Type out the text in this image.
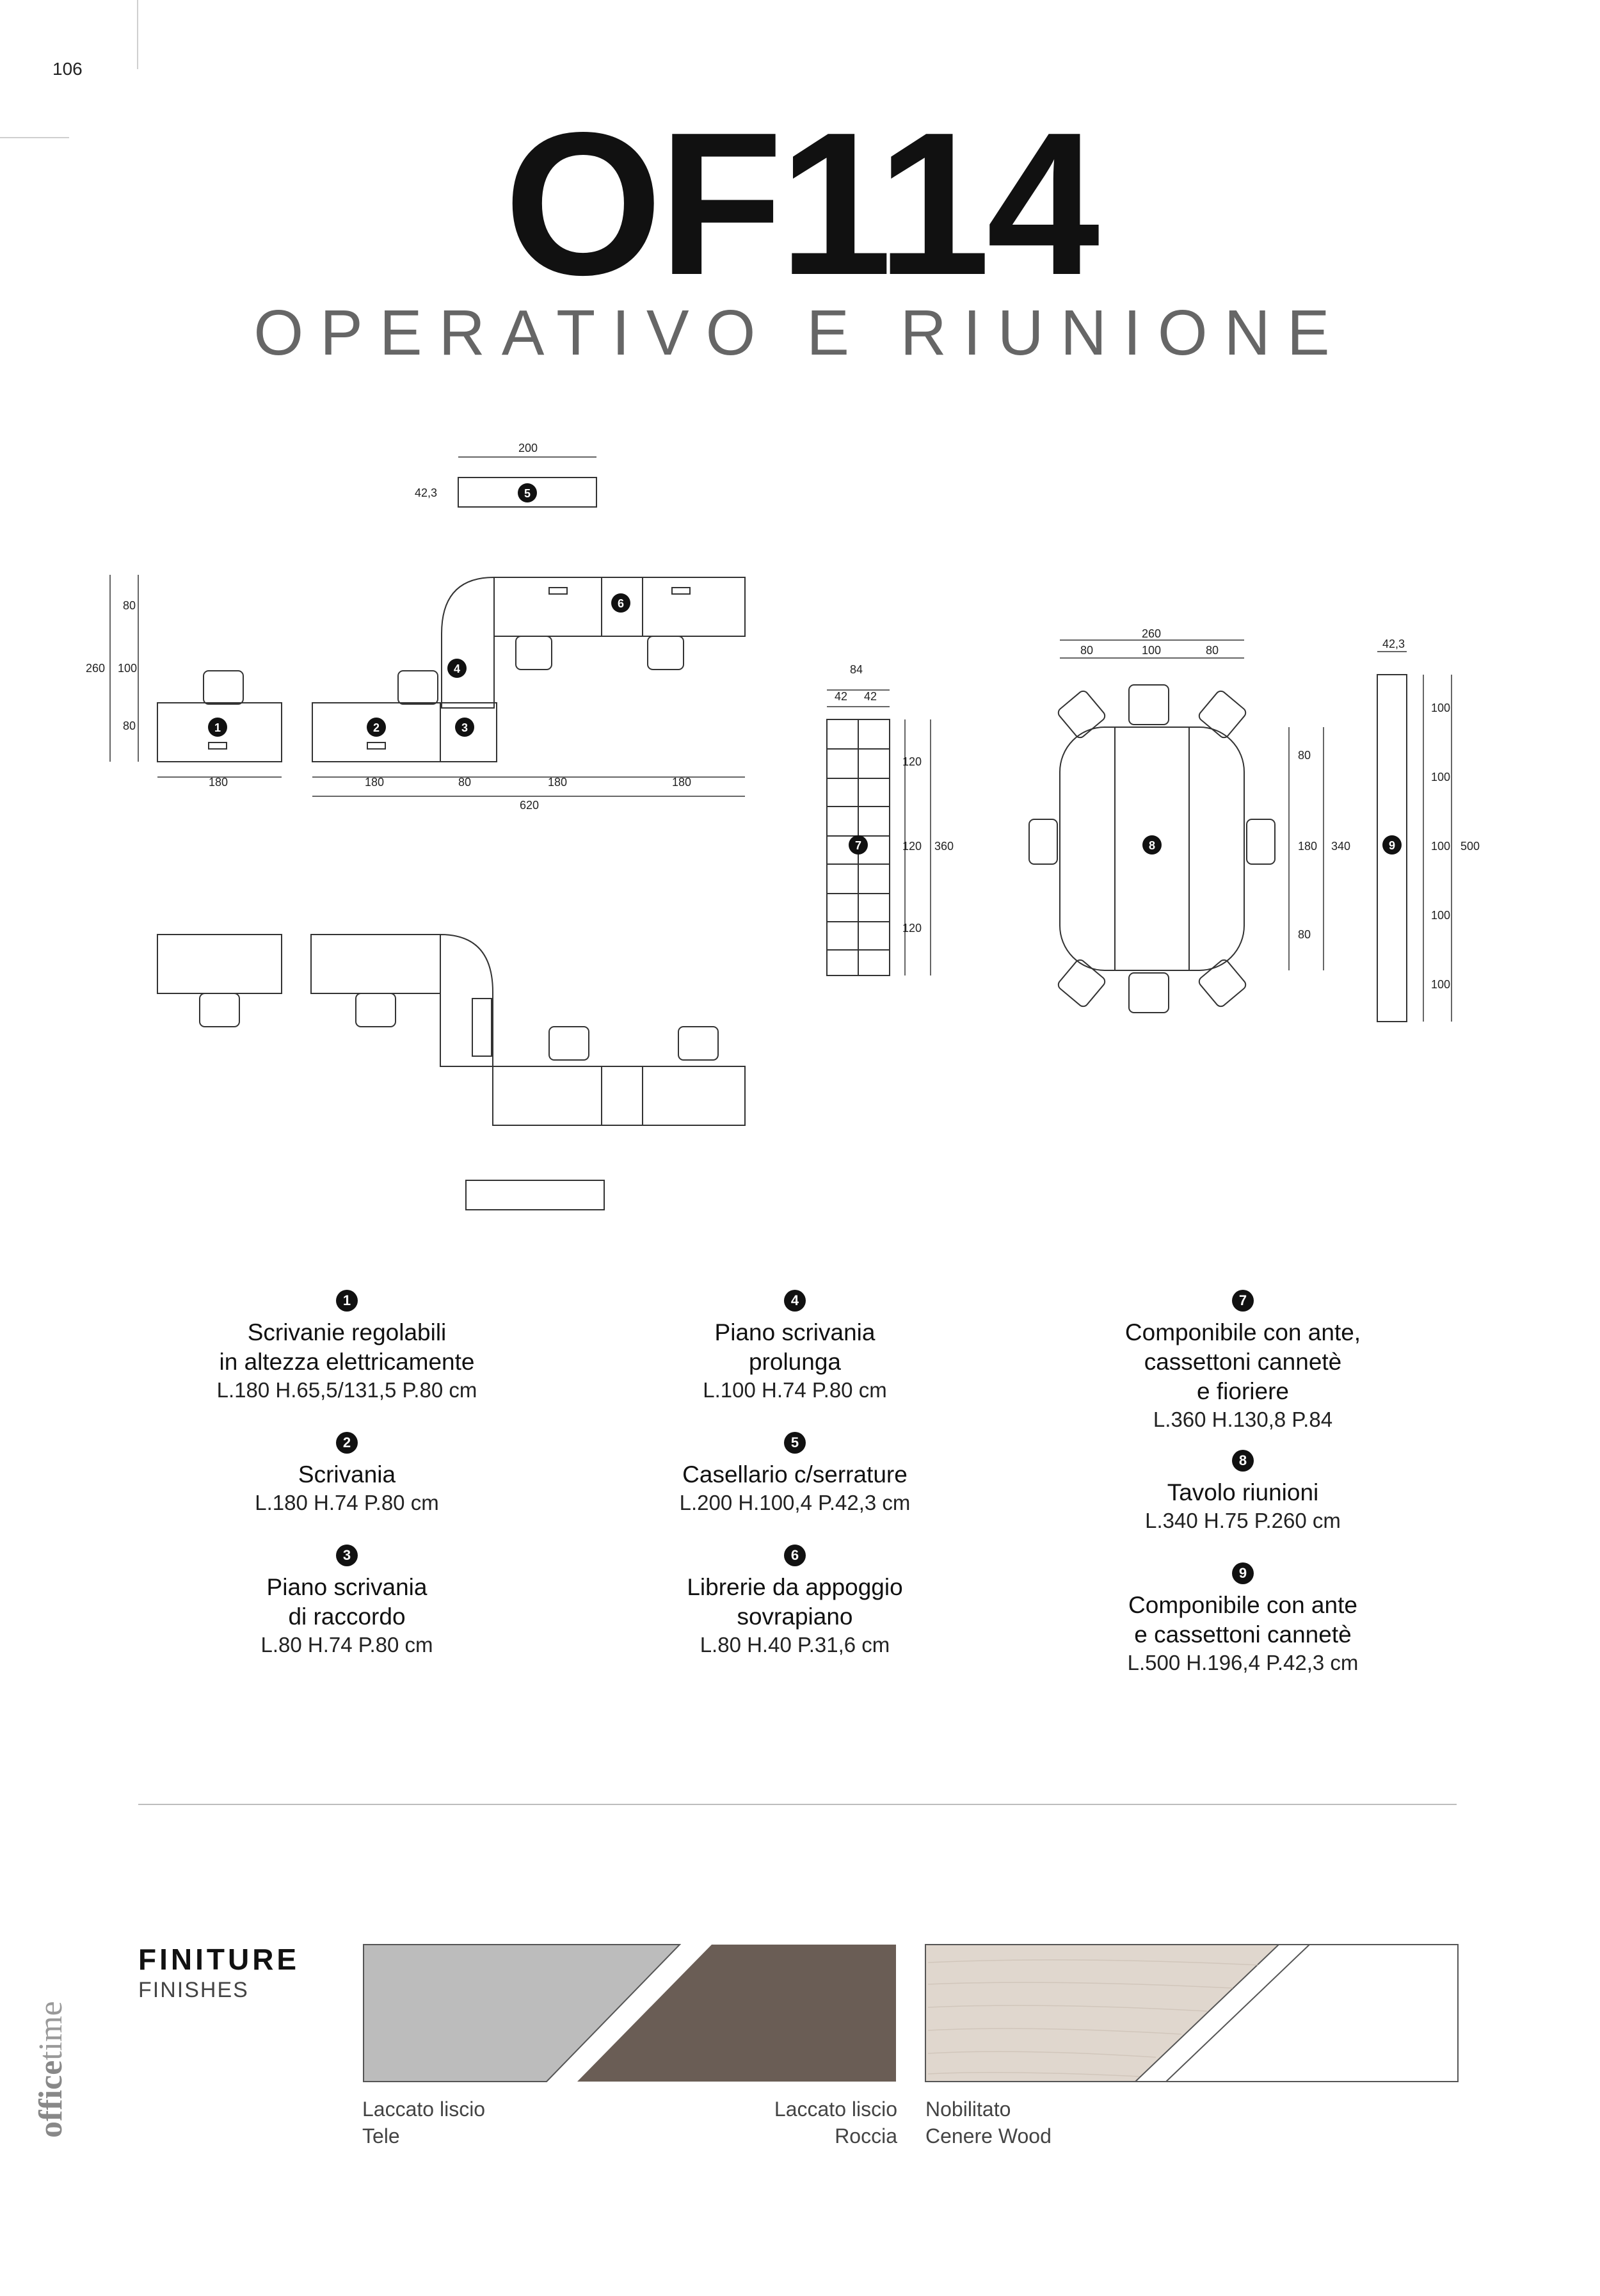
106
OF114
OPERATIVO E RIUNIONE
200
42,3
80
260 100
80
180	180	80	180	180
620
84
42 42
120
120
120
360
260
80	100	80
80
180
80
340
42,3
100
100
100
100
100
500
1	2	3
4
5
6
7	8	9
1
Scrivanie regolabili
in altezza elettricamente
L.180 H.65,5/131,5 P.80 cm
2
Scrivania
L.180 H.74 P.80 cm
3
Piano scrivania
di raccordo
L.80 H.74 P.80 cm
4
Piano scrivania
prolunga
L.100 H.74 P.80 cm
5
Casellario c/serrature
L.200 H.100,4 P.42,3 cm
6
Librerie da appoggio
sovrapiano
L.80 H.40 P.31,6 cm
7
Componibile con ante,
cassettoni cannetè
e fioriere
L.360 H.130,8 P.84
8
Tavolo riunioni
L.340 H.75 P.260 cm
9
Componibile con ante
e cassettoni cannetè
L.500 H.196,4 P.42,3 cm
FINITURE
FINISHES
Laccato liscio
Tele
Laccato liscio
Roccia
Nobilitato
Cenere Wood
officetime
